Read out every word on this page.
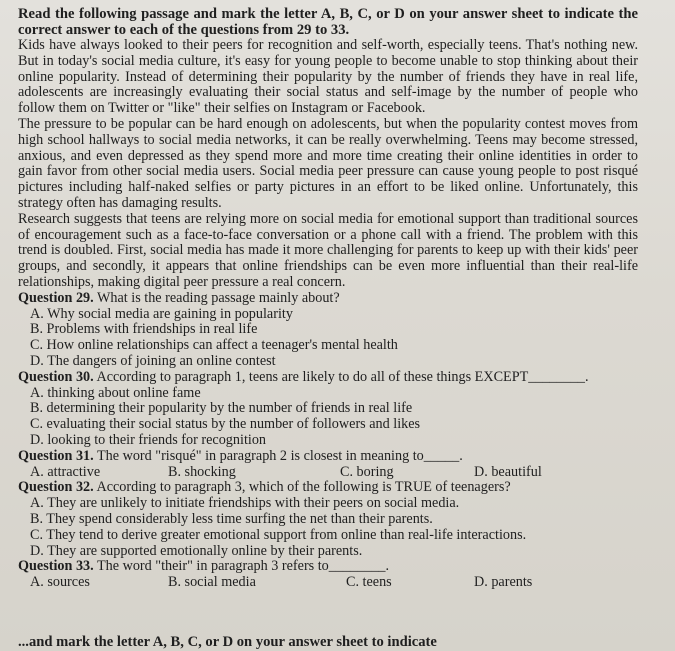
Read the following passage and mark the letter A, B, C, or D on your answer sheet to indicate the correct answer to each of the questions from 29 to 33.

Kids have always looked to their peers for recognition and self-worth, especially teens. That's nothing new. But in today's social media culture, it's easy for young people to become unable to stop thinking about their online popularity. Instead of determining their popularity by the number of friends they have in real life, adolescents are increasingly evaluating their social status and self-image by the number of people who follow them on Twitter or "like" their selfies on Instagram or Facebook.

The pressure to be popular can be hard enough on adolescents, but when the popularity contest moves from high school hallways to social media networks, it can be really overwhelming. Teens may become stressed, anxious, and even depressed as they spend more and more time creating their online identities in order to gain favor from other social media users. Social media peer pressure can cause young people to post risqué pictures including half-naked selfies or party pictures in an effort to be liked online. Unfortunately, this strategy often has damaging results.

Research suggests that teens are relying more on social media for emotional support than traditional sources of encouragement such as a face-to-face conversation or a phone call with a friend. The problem with this trend is doubled. First, social media has made it more challenging for parents to keep up with their kids' peer groups, and secondly, it appears that online friendships can be even more influential than their real-life relationships, making digital peer pressure a real concern.

Question 29. What is the reading passage mainly about?

A. Why social media are gaining in popularity
B. Problems with friendships in real life
C. How online relationships can affect a teenager's mental health
D. The dangers of joining an online contest

Question 30. According to paragraph 1, teens are likely to do all of these things EXCEPT________.

A. thinking about online fame
B. determining their popularity by the number of friends in real life
C. evaluating their social status by the number of followers and likes
D. looking to their friends for recognition

Question 31. The word "risqué" in paragraph 2 is closest in meaning to_____.

A. attractive	B. shocking	C. boring	D. beautiful

Question 32. According to paragraph 3, which of the following is TRUE of teenagers?

A. They are unlikely to initiate friendships with their peers on social media.
B. They spend considerably less time surfing the net than their parents.
C. They tend to derive greater emotional support from online than real-life interactions.
D. They are supported emotionally online by their parents.

Question 33. The word "their" in paragraph 3 refers to________.

A. sources	B. social media	C. teens	D. parents
...and mark the letter A, B, C, or D on your answer sheet to indicate
